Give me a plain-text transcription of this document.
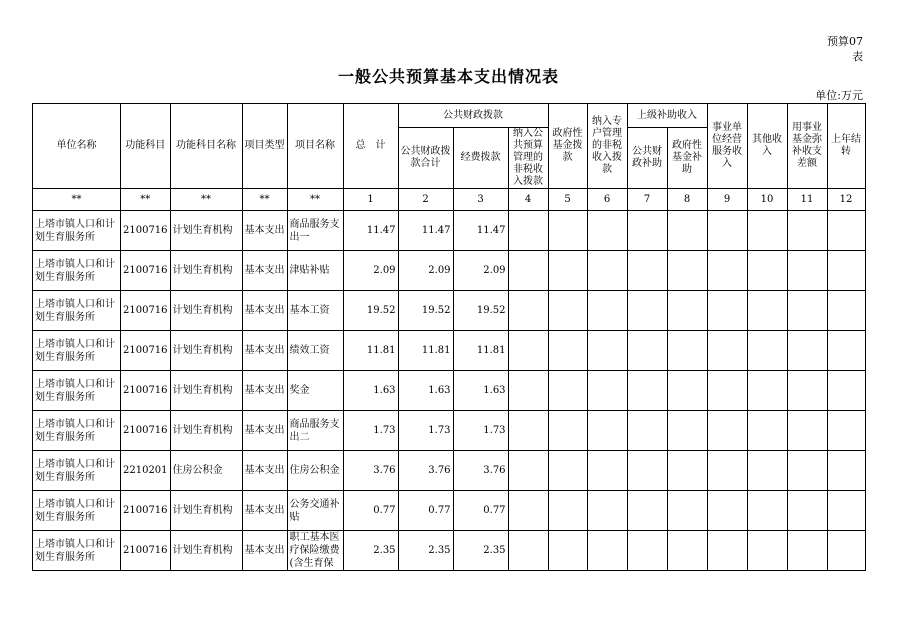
预算07
表
一般公共预算基本支出情况表
单位:万元
单位名称	功能科目	功能科目名称	项目类型	项目名称	总　计	公共财政拨款			政府性基金拨款	纳入专户管理的非税收入拨款	上级补助收入		事业单位经营服务收入	其他收入	用事业基金弥补收支差额	上年结转
						公共财政拨款合计	经费拨款	纳入公共预算管理的非税收入拨款			公共财政补助	政府性基金补助				
**	**	**	**	**	1	2	3	4	5	6	7	8	9	10	11	12
上塔市镇人口和计划生育服务所	2100716	计划生育机构	基本支出	商品服务支出一	11.47	11.47	11.47									
上塔市镇人口和计划生育服务所	2100716	计划生育机构	基本支出	津贴补贴	2.09	2.09	2.09									
上塔市镇人口和计划生育服务所	2100716	计划生育机构	基本支出	基本工资	19.52	19.52	19.52									
上塔市镇人口和计划生育服务所	2100716	计划生育机构	基本支出	绩效工资	11.81	11.81	11.81									
上塔市镇人口和计划生育服务所	2100716	计划生育机构	基本支出	奖金	1.63	1.63	1.63									
上塔市镇人口和计划生育服务所	2100716	计划生育机构	基本支出	商品服务支出二	1.73	1.73	1.73									
上塔市镇人口和计划生育服务所	2210201	住房公积金	基本支出	住房公积金	3.76	3.76	3.76									
上塔市镇人口和计划生育服务所	2100716	计划生育机构	基本支出	公务交通补贴	0.77	0.77	0.77									
上塔市镇人口和计划生育服务所	2100716	计划生育机构	基本支出	职工基本医疗保险缴费(含生育保	2.35	2.35	2.35									
